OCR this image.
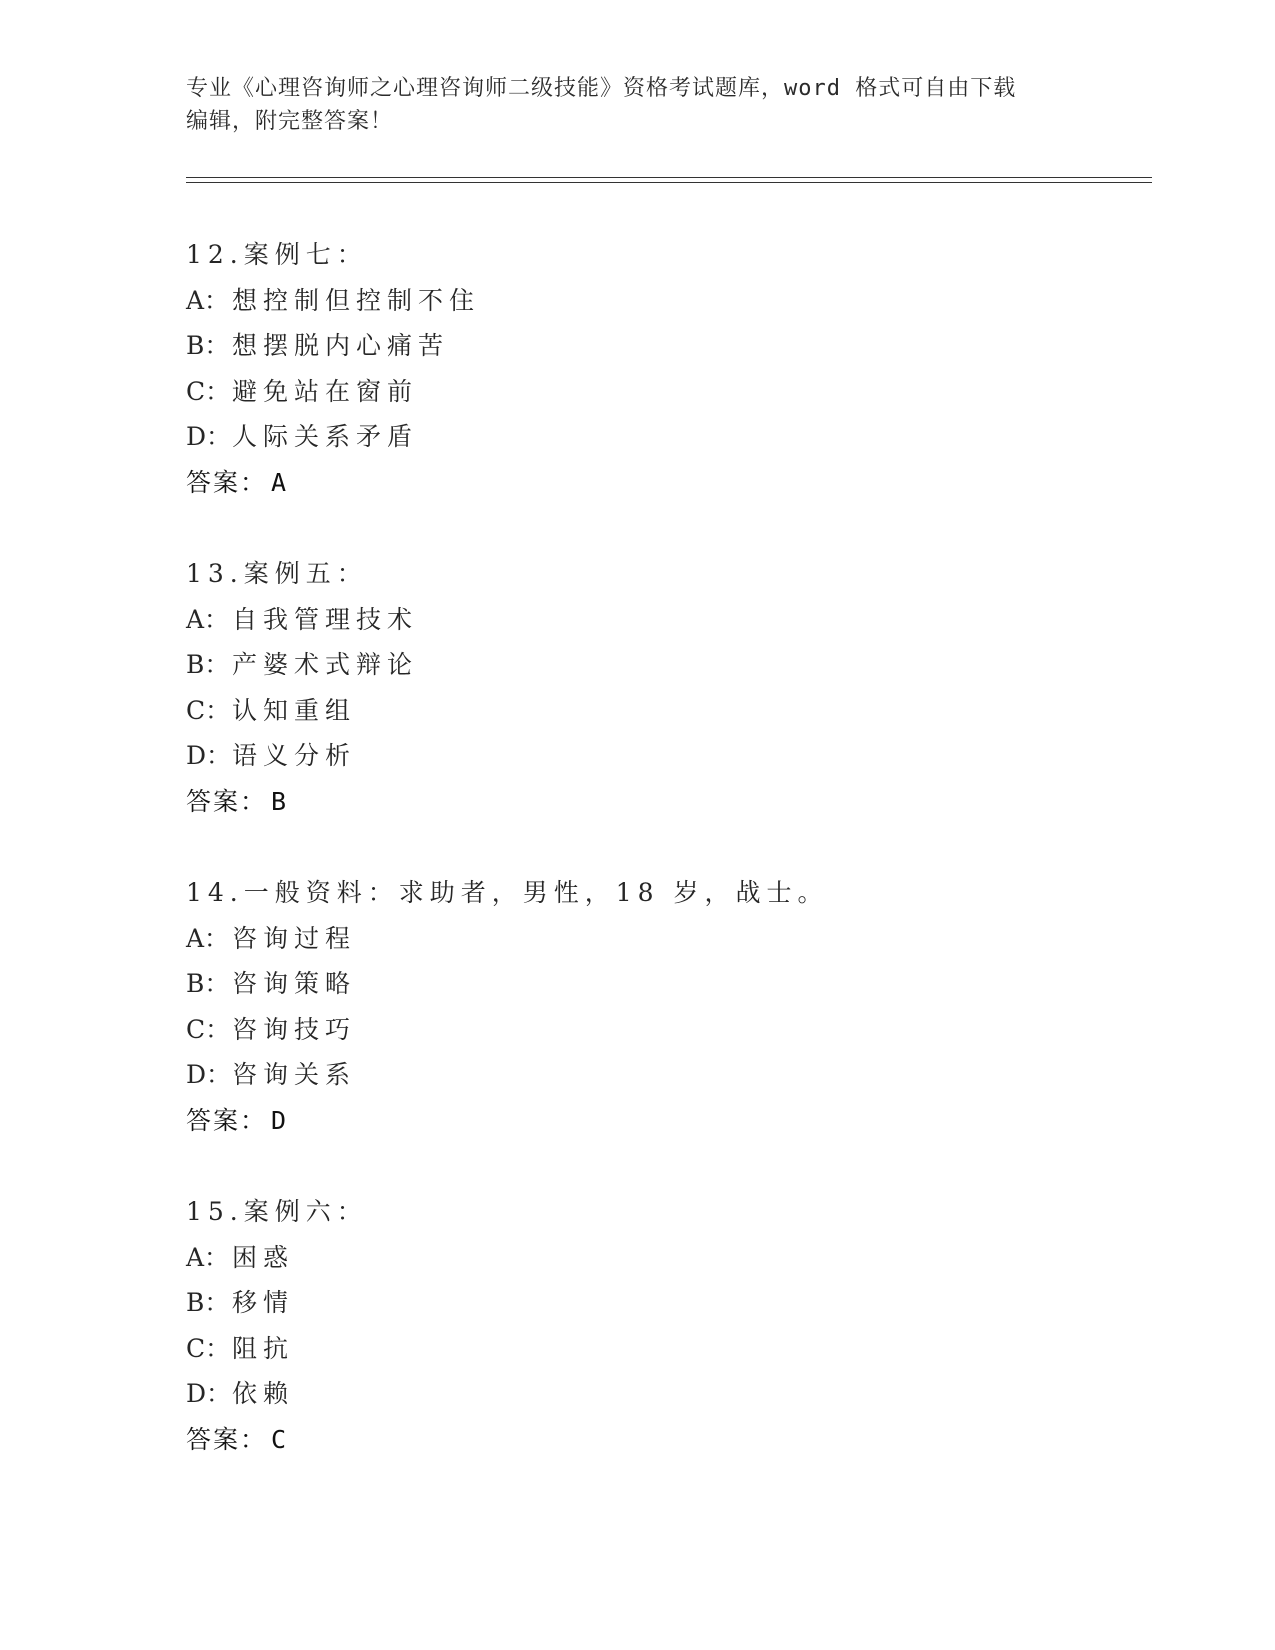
专业《心理咨询师之心理咨询师二级技能》资格考试题库，word 格式可自由下载
编辑，附完整答案！
12.案例七：
A： 想控制但控制不住
B： 想摆脱内心痛苦
C：避免站在窗前
D：人际关系矛盾
答案： A
13.案例五：
A： 自我管理技术
B： 产婆术式辩论
C：认知重组
D：语义分析
答案： B
14.一般资料：求助者，男性，18 岁，战士。
A： 咨询过程
B： 咨询策略
C：咨询技巧
D：咨询关系
答案： D
15.案例六：
A： 困惑
B： 移情
C：阻抗
D：依赖
答案： C
